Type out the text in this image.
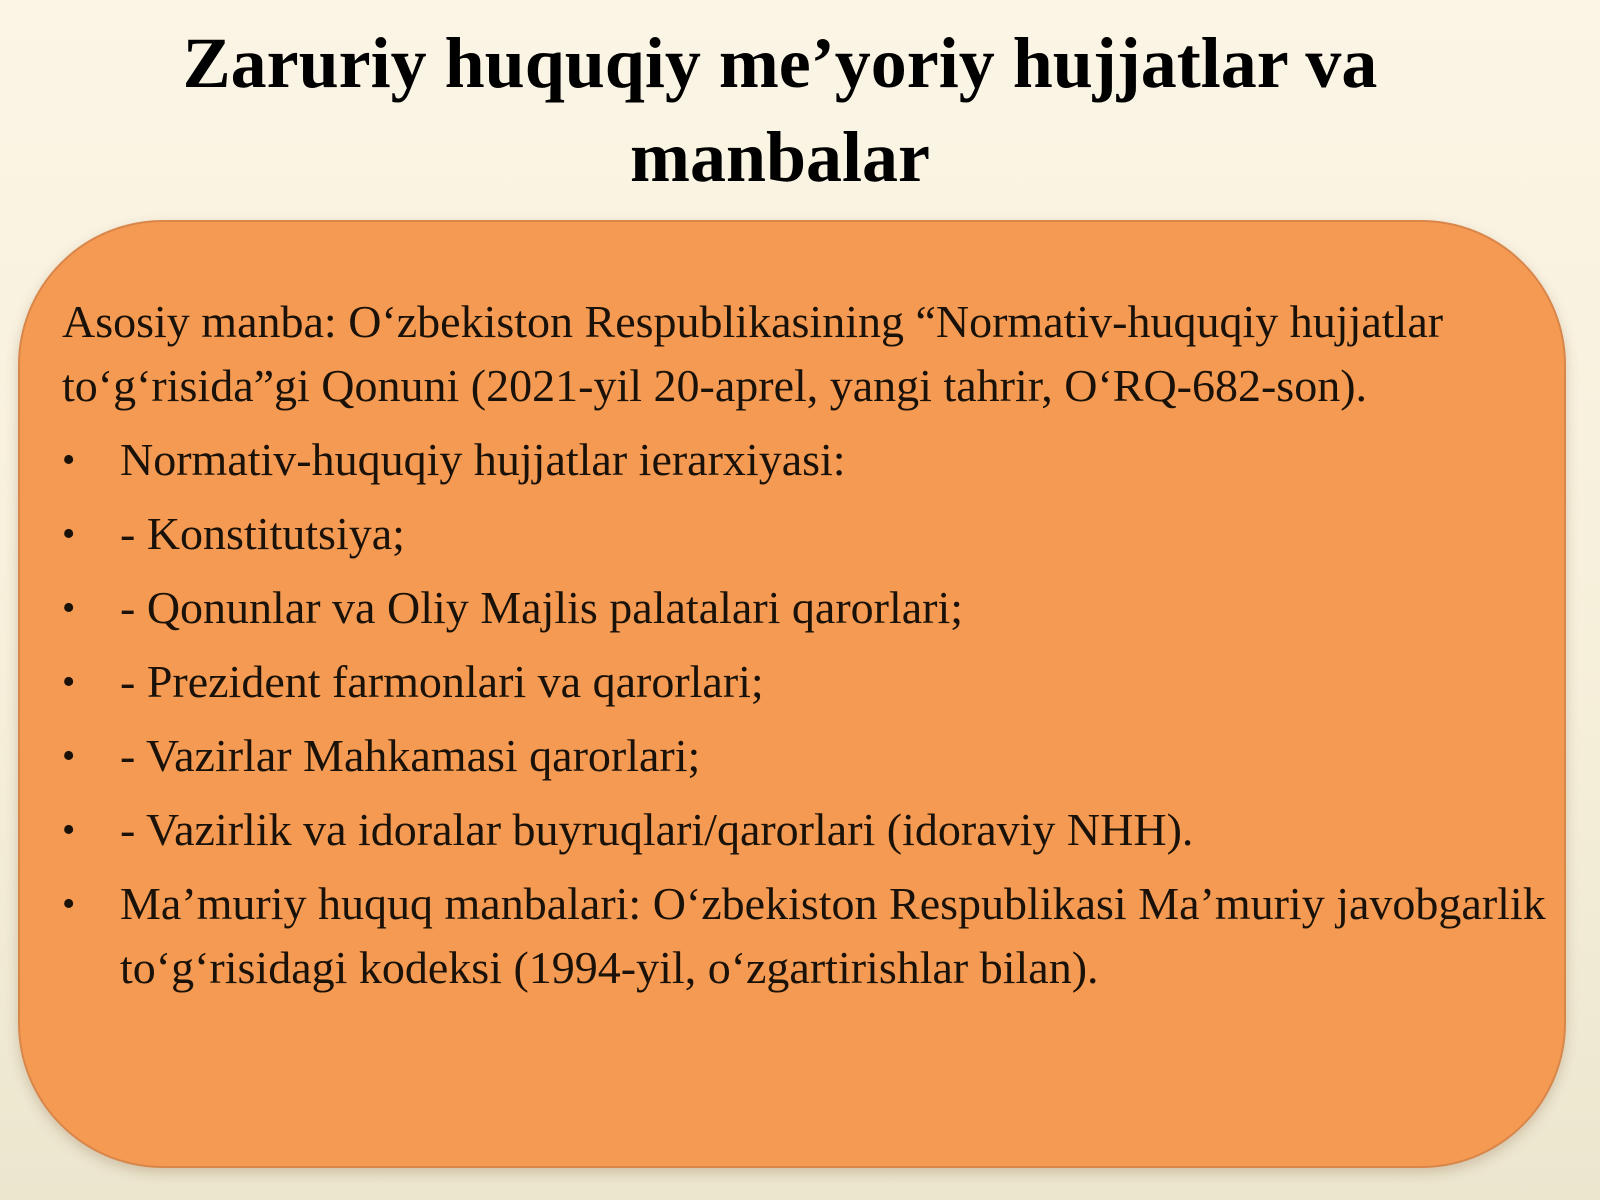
Zaruriy huquqiy me’yoriy hujjatlar va manbalar

Asosiy manba: O‘zbekiston Respublikasining “Normativ-huquqiy hujjatlar to‘g‘risida”gi Qonuni (2021-yil 20-aprel, yangi tahrir, O‘RQ-682-son).

• Normativ-huquqiy hujjatlar ierarxiyasi:
• - Konstitutsiya;
• - Qonunlar va Oliy Majlis palatalari qarorlari;
• - Prezident farmonlari va qarorlari;
• - Vazirlar Mahkamasi qarorlari;
• - Vazirlik va idoralar buyruqlari/qarorlari (idoraviy NHH).
• Ma’muriy huquq manbalari: O‘zbekiston Respublikasi Ma’muriy javobgarlik to‘g‘risidagi kodeksi (1994-yil, o‘zgartirishlar bilan).
